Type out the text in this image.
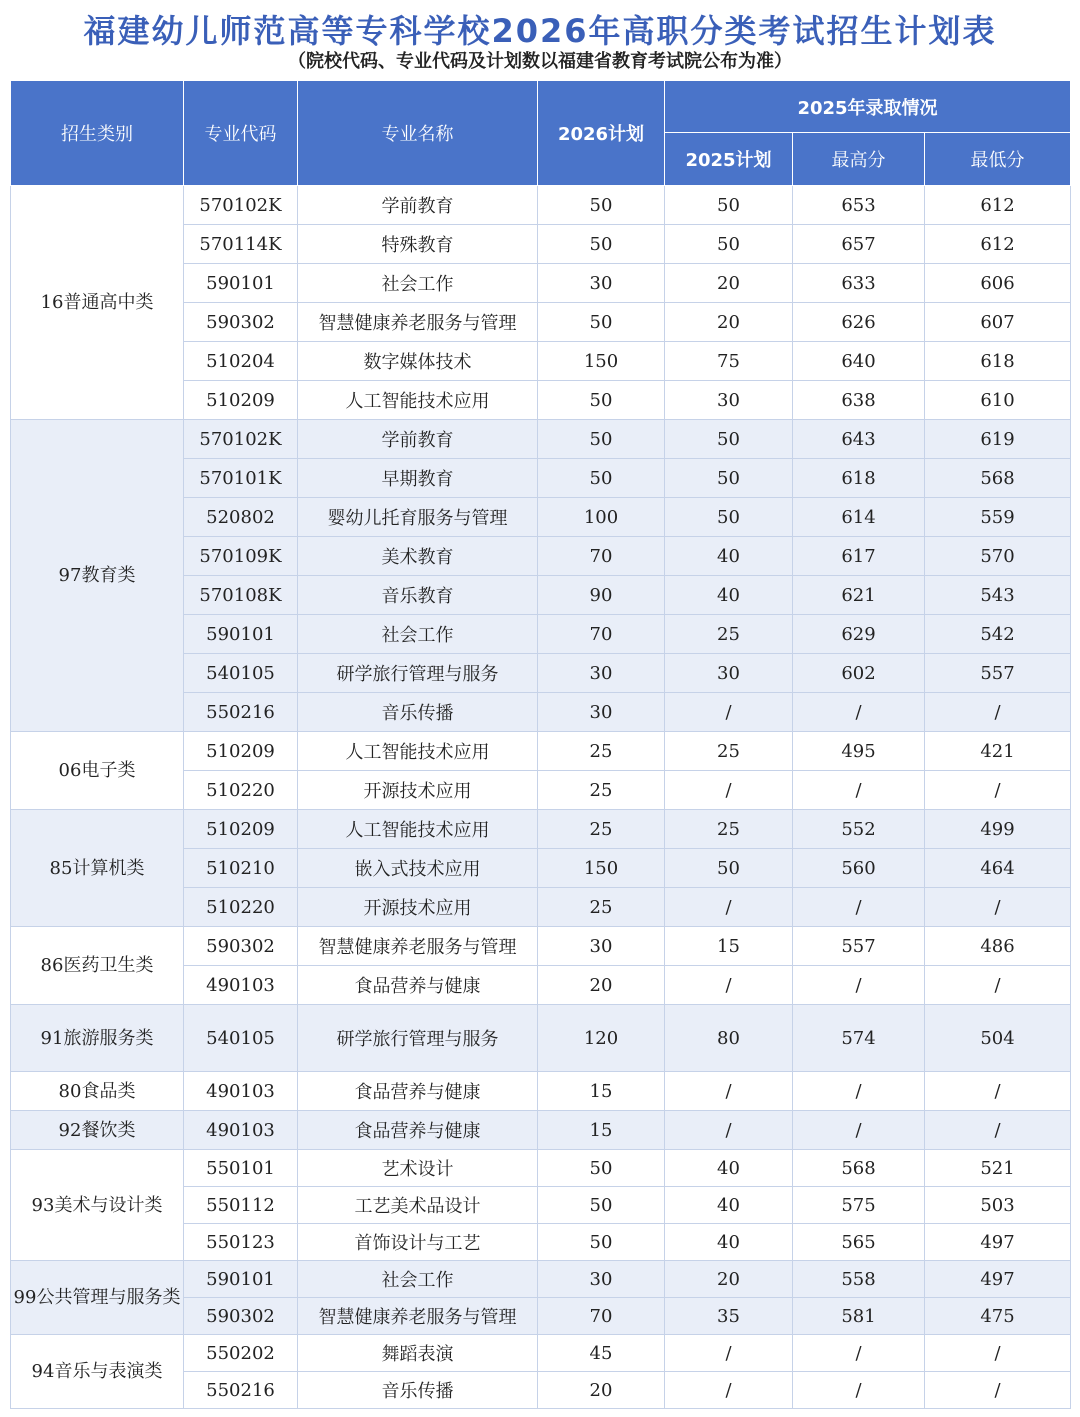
福建幼儿师范高等专科学校2026年高职分类考试招生计划表
（院校代码、专业代码及计划数以福建省教育考试院公布为准）
招生类别	专业代码	专业名称	2026计划	2025年录取情况		
				2025计划	最高分	最低分
16普通高中类	570102K	学前教育	50	50	653	612
	570114K	特殊教育	50	50	657	612
	590101	社会工作	30	20	633	606
	590302	智慧健康养老服务与管理	50	20	626	607
	510204	数字媒体技术	150	75	640	618
	510209	人工智能技术应用	50	30	638	610
97教育类	570102K	学前教育	50	50	643	619
	570101K	早期教育	50	50	618	568
	520802	婴幼儿托育服务与管理	100	50	614	559
	570109K	美术教育	70	40	617	570
	570108K	音乐教育	90	40	621	543
	590101	社会工作	70	25	629	542
	540105	研学旅行管理与服务	30	30	602	557
	550216	音乐传播	30	/	/	/
06电子类	510209	人工智能技术应用	25	25	495	421
	510220	开源技术应用	25	/	/	/
85计算机类	510209	人工智能技术应用	25	25	552	499
	510210	嵌入式技术应用	150	50	560	464
	510220	开源技术应用	25	/	/	/
86医药卫生类	590302	智慧健康养老服务与管理	30	15	557	486
	490103	食品营养与健康	20	/	/	/
91旅游服务类	540105	研学旅行管理与服务	120	80	574	504
80食品类	490103	食品营养与健康	15	/	/	/
92餐饮类	490103	食品营养与健康	15	/	/	/
93美术与设计类	550101	艺术设计	50	40	568	521
	550112	工艺美术品设计	50	40	575	503
	550123	首饰设计与工艺	50	40	565	497
99公共管理与服务类	590101	社会工作	30	20	558	497
	590302	智慧健康养老服务与管理	70	35	581	475
94音乐与表演类	550202	舞蹈表演	45	/	/	/
	550216	音乐传播	20	/	/	/
